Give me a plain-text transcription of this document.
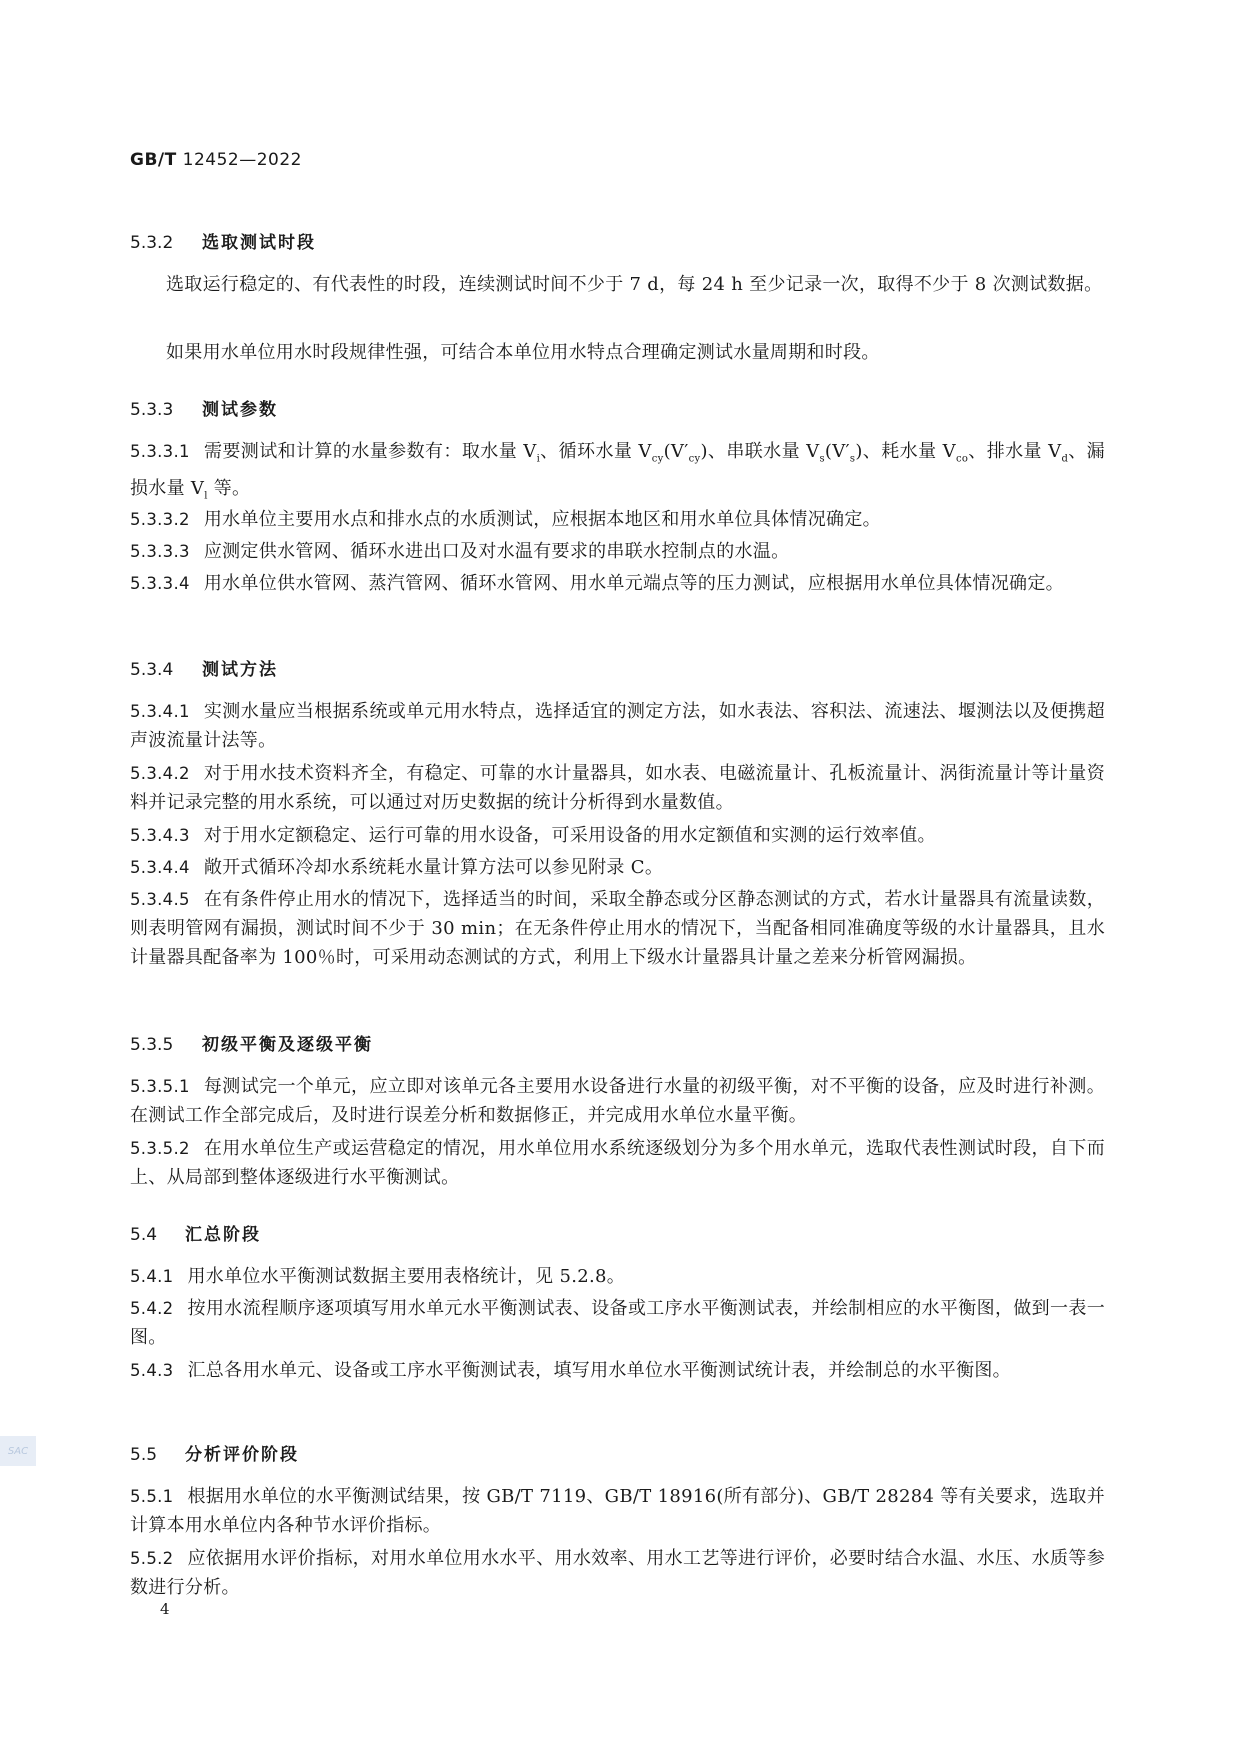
GB/T 12452—2022
5.3.2 选取测试时段
选取运行稳定的、有代表性的时段，连续测试时间不少于 7 d，每 24 h 至少记录一次，取得不少于 8 次测试数据。
如果用水单位用水时段规律性强，可结合本单位用水特点合理确定测试水量周期和时段。
5.3.3 测试参数
5.3.3.1 需要测试和计算的水量参数有：取水量 $V_i$、循环水量 $V_{cy}(V'_{cy})$、串联水量 $V_s(V'_s)$、耗水量 $V_{co}$、排水量 $V_d$、漏损水量 $V_l$ 等。
5.3.3.2 用水单位主要用水点和排水点的水质测试，应根据本地区和用水单位具体情况确定。
5.3.3.3 应测定供水管网、循环水进出口及对水温有要求的串联水控制点的水温。
5.3.3.4 用水单位供水管网、蒸汽管网、循环水管网、用水单元端点等的压力测试，应根据用水单位具体情况确定。
5.3.4 测试方法
5.3.4.1 实测水量应当根据系统或单元用水特点，选择适宜的测定方法，如水表法、容积法、流速法、堰测法以及便携超声波流量计法等。
5.3.4.2 对于用水技术资料齐全，有稳定、可靠的水计量器具，如水表、电磁流量计、孔板流量计、涡街流量计等计量资料并记录完整的用水系统，可以通过对历史数据的统计分析得到水量数值。
5.3.4.3 对于用水定额稳定、运行可靠的用水设备，可采用设备的用水定额值和实测的运行效率值。
5.3.4.4 敞开式循环冷却水系统耗水量计算方法可以参见附录 C。
5.3.4.5 在有条件停止用水的情况下，选择适当的时间，采取全静态或分区静态测试的方式，若水计量器具有流量读数，则表明管网有漏损，测试时间不少于 30 min；在无条件停止用水的情况下，当配备相同准确度等级的水计量器具，且水计量器具配备率为 100％时，可采用动态测试的方式，利用上下级水计量器具计量之差来分析管网漏损。
5.3.5 初级平衡及逐级平衡
5.3.5.1 每测试完一个单元，应立即对该单元各主要用水设备进行水量的初级平衡，对不平衡的设备，应及时进行补测。在测试工作全部完成后，及时进行误差分析和数据修正，并完成用水单位水量平衡。
5.3.5.2 在用水单位生产或运营稳定的情况，用水单位用水系统逐级划分为多个用水单元，选取代表性测试时段，自下而上、从局部到整体逐级进行水平衡测试。
5.4 汇总阶段
5.4.1 用水单位水平衡测试数据主要用表格统计，见 5.2.8。
5.4.2 按用水流程顺序逐项填写用水单元水平衡测试表、设备或工序水平衡测试表，并绘制相应的水平衡图，做到一表一图。
5.4.3 汇总各用水单元、设备或工序水平衡测试表，填写用水单位水平衡测试统计表，并绘制总的水平衡图。
5.5 分析评价阶段
5.5.1 根据用水单位的水平衡测试结果，按 GB/T 7119、GB/T 18916(所有部分)、GB/T 28284 等有关要求，选取并计算本用水单位内各种节水评价指标。
5.5.2 应依据用水评价指标，对用水单位用水水平、用水效率、用水工艺等进行评价，必要时结合水温、水压、水质等参数进行分析。
4
SAC
